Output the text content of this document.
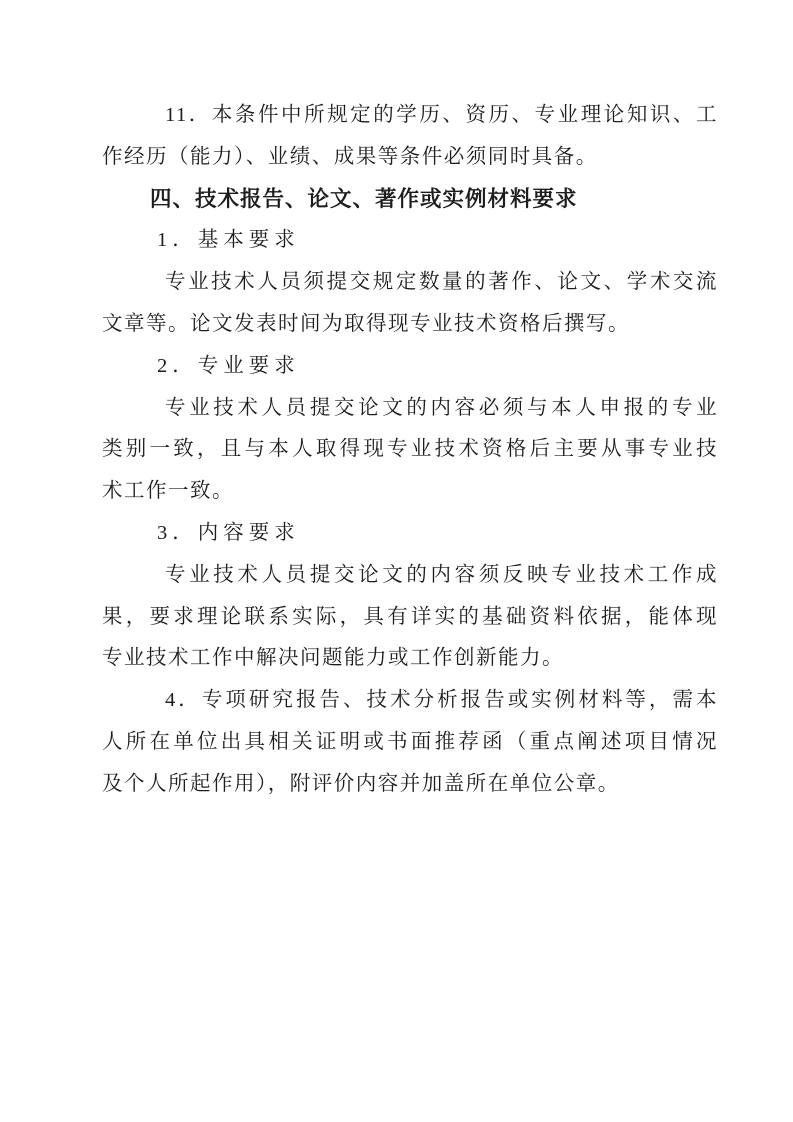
11．本条件中所规定的学历、资历、专业理论知识、工
作经历（能力）、业绩、成果等条件必须同时具备。
四、技术报告、论文、著作或实例材料要求
1．基本要求
专业技术人员须提交规定数量的著作、论文、学术交流
文章等。论文发表时间为取得现专业技术资格后撰写。
2．专业要求
专业技术人员提交论文的内容必须与本人申报的专业
类别一致，且与本人取得现专业技术资格后主要从事专业技
术工作一致。
3．内容要求
专业技术人员提交论文的内容须反映专业技术工作成
果，要求理论联系实际，具有详实的基础资料依据，能体现
专业技术工作中解决问题能力或工作创新能力。
4．专项研究报告、技术分析报告或实例材料等，需本
人所在单位出具相关证明或书面推荐函（重点阐述项目情况
及个人所起作用），附评价内容并加盖所在单位公章。
